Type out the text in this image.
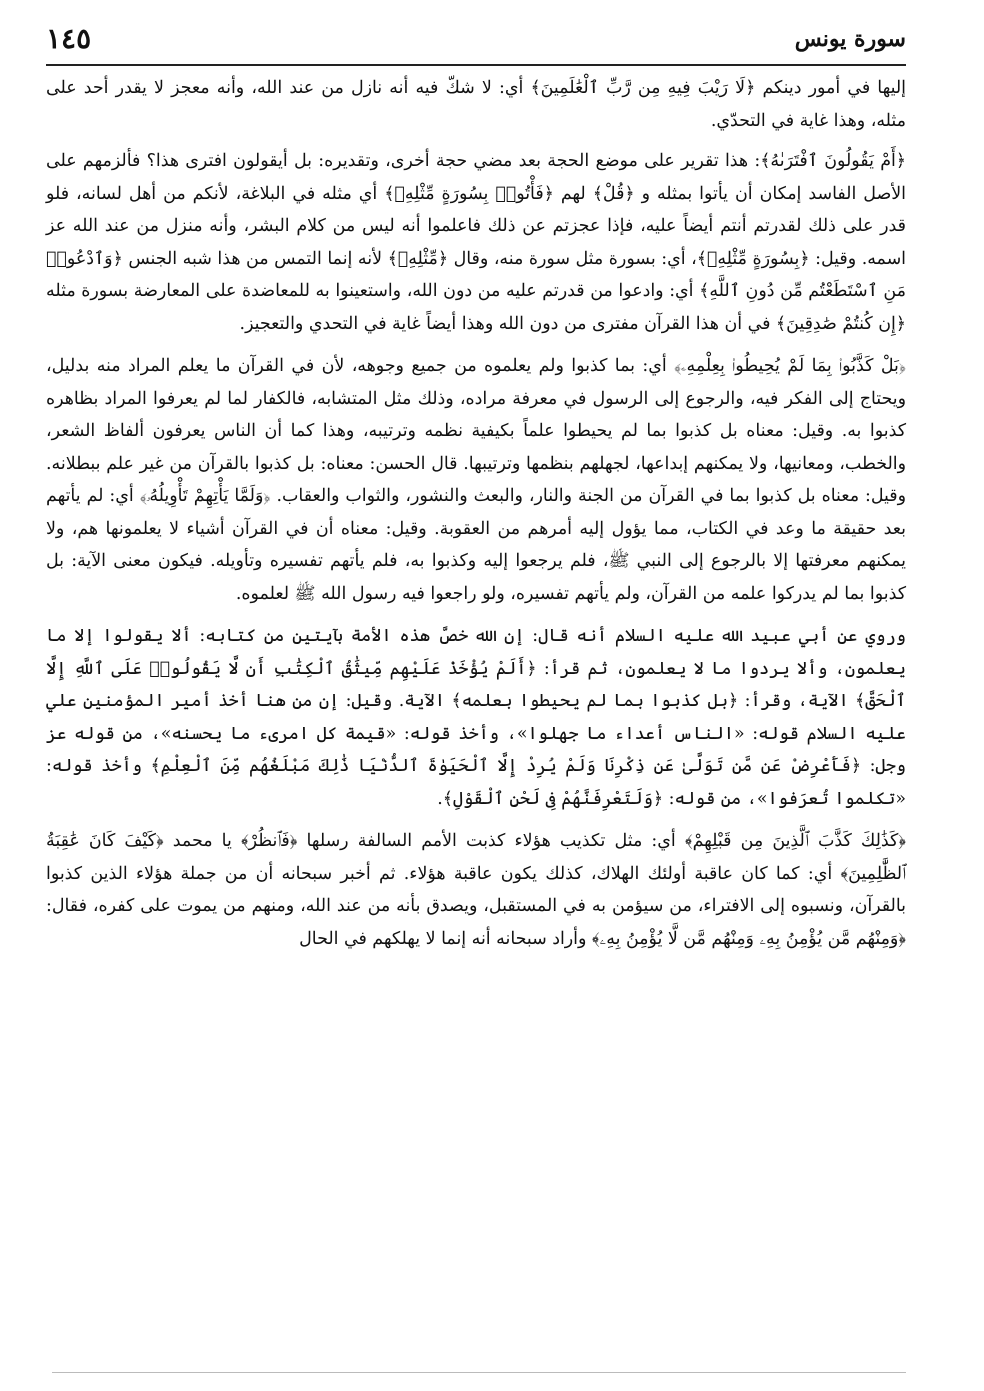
سورة يونس
١٤٥

إليها في أمور دينكم ﴿لَا رَيْبَ فِيهِ مِن رَّبِّ ٱلْعَٰلَمِينَ﴾ أي: لا شكّ فيه أنه نازل من عند الله، وأنه معجز لا يقدر أحد على مثله، وهذا غاية في التحدّي.

﴿أَمْ يَقُولُونَ ٱفْتَرَىٰهُ﴾: هذا تقرير على موضع الحجة بعد مضي حجة أخرى، وتقديره: بل أيقولون افترى هذا؟ فألزمهم على الأصل الفاسد إمكان أن يأتوا بمثله و ﴿قُلْ﴾ لهم ﴿فَأْتُوا۟ بِسُورَةٍ مِّثْلِهِۦ﴾ أي مثله في البلاغة، لأنكم من أهل لسانه، فلو قدر على ذلك لقدرتم أنتم أيضاً عليه، فإذا عجزتم عن ذلك فاعلموا أنه ليس من كلام البشر، وأنه منزل من عند الله عز اسمه. وقيل: ﴿بِسُورَةٍ مِّثْلِهِۦ﴾، أي: بسورة مثل سورة منه، وقال ﴿مِّثْلِهِۦ﴾ لأنه إنما التمس من هذا شبه الجنس ﴿وَٱدْعُوا۟ مَنِ ٱسْتَطَعْتُم مِّن دُونِ ٱللَّهِ﴾ أي: وادعوا من قدرتم عليه من دون الله، واستعينوا به للمعاضدة على المعارضة بسورة مثله ﴿إِن كُنتُمْ صَٰدِقِينَ﴾ في أن هذا القرآن مفترى من دون الله وهذا أيضاً غاية في التحدي والتعجيز.

﴿بَلْ كَذَّبُوا۟ بِمَا لَمْ يُحِيطُوا۟ بِعِلْمِهِۦ﴾ أي: بما كذبوا ولم يعلموه من جميع وجوهه، لأن في القرآن ما يعلم المراد منه بدليل، ويحتاج إلى الفكر فيه، والرجوع إلى الرسول في معرفة مراده، وذلك مثل المتشابه، فالكفار لما لم يعرفوا المراد بظاهره كذبوا به. وقيل: معناه بل كذبوا بما لم يحيطوا علماً بكيفية نظمه وترتيبه، وهذا كما أن الناس يعرفون ألفاظ الشعر، والخطب، ومعانيها، ولا يمكنهم إبداعها، لجهلهم بنظمها وترتيبها. قال الحسن: معناه: بل كذبوا بالقرآن من غير علم ببطلانه. وقيل: معناه بل كذبوا بما في القرآن من الجنة والنار، والبعث والنشور، والثواب والعقاب. ﴿وَلَمَّا يَأْتِهِمْ تَأْوِيلُهُۥ﴾ أي: لم يأتهم بعد حقيقة ما وعد في الكتاب، مما يؤول إليه أمرهم من العقوبة. وقيل: معناه أن في القرآن أشياء لا يعلمونها هم، ولا يمكنهم معرفتها إلا بالرجوع إلى النبي ﷺ، فلم يرجعوا إليه وكذبوا به، فلم يأتهم تفسيره وتأويله. فيكون معنى الآية: بل كذبوا بما لم يدركوا علمه من القرآن، ولم يأتهم تفسيره، ولو راجعوا فيه رسول الله ﷺ لعلموه.

وروي عن أبي عبيد الله عليه السلام أنه قال: إن الله خصَّ هذه الأمة بآيتين من كتابه: ألا يقولوا إلا ما يعلمون، وألا يردوا ما لا يعلمون، ثم قرأ: ﴿أَلَمْ يُؤْخَذْ عَلَيْهِم مِّيثَٰقُ ٱلْكِتَٰبِ أَن لَّا يَقُولُوا۟ عَلَى ٱللَّهِ إِلَّا ٱلْحَقَّ﴾ الآية، وقرأ: ﴿بل كذبوا بما لم يحيطوا بعلمه﴾ الآية. وقيل: إن من هنا أخذ أمير المؤمنين علي عليه السلام قوله: «الناس أعداء ما جهلوا»، وأخذ قوله: «قيمة كل امرىء ما يحسنه»، من قوله عز وجل: ﴿فَأَعْرِضْ عَن مَّن تَوَلَّىٰ عَن ذِكْرِنَا وَلَمْ يُرِدْ إِلَّا ٱلْحَيَوٰةَ ٱلدُّنْيَا ذَٰلِكَ مَبْلَغُهُم مِّنَ ٱلْعِلْمِ﴾ وأخذ قوله: «تكلموا تُعرَفوا»، من قوله: ﴿وَلَتَعْرِفَنَّهُمْ فِى لَحْنِ ٱلْقَوْلِ﴾.

﴿كَذَٰلِكَ كَذَّبَ ٱلَّذِينَ مِن قَبْلِهِمْ﴾ أي: مثل تكذيب هؤلاء كذبت الأمم السالفة رسلها ﴿فَٱنظُرْ﴾ يا محمد ﴿كَيْفَ كَانَ عَٰقِبَةُ ٱلظَّٰلِمِينَ﴾ أي: كما كان عاقبة أولئك الهلاك، كذلك يكون عاقبة هؤلاء. ثم أخبر سبحانه أن من جملة هؤلاء الذين كذبوا بالقرآن، ونسبوه إلى الافتراء، من سيؤمن به في المستقبل، ويصدق بأنه من عند الله، ومنهم من يموت على كفره، فقال: ﴿وَمِنْهُم مَّن يُؤْمِنُ بِهِۦ وَمِنْهُم مَّن لَّا يُؤْمِنُ بِهِۦ﴾ وأراد سبحانه أنه إنما لا يهلكهم في الحال
